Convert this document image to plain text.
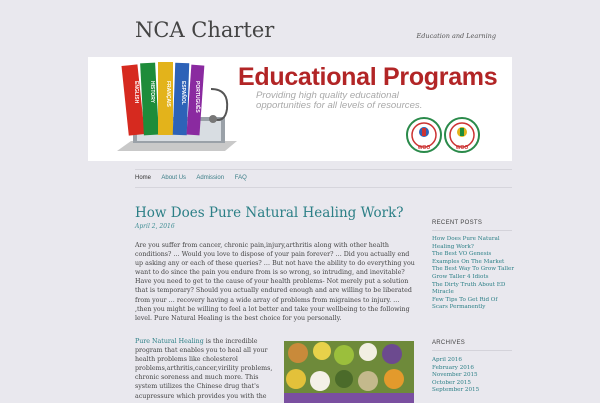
NCA Charter	Education and Learning
ENGLISH HISTORY FRANÇAIS ESPAÑOL PORTUGUÊS
Educational Programs
Providing high quality educational
opportunities for all levels of resources.
WOO	WOO
Home About Us Admission FAQ
How Does Pure Natural Healing Work?
April 2, 2016
Are you suffer from cancer, chronic pain,injury,arthritis along with other health conditions? … Would you love to dispose of your pain forever? … Did you actually end up asking any or each of these queries? … But not have the ability to do everything you want to do since the pain you endure from is so wrong, so intruding, and inevitable? Have you need to get to the cause of your health problems- Not merely put a solution that is temporary? Should you actually endured enough and are willing to be liberated from your … recovery having a wide array of problems from migraines to injury. … ,then you might be willing to feel a lot better and take your wellbeing to the following level. Pure Natural Healing is the best choice for you personally.
Pure Natural Healing is the incredible program that enables you to heal all your health problems like cholesterol problems,arthritis,cancer,virility problems, chronic soreness and much more. This system utilizes the Chinese drug that's acupressure which provides you with the
RECENT POSTS
How Does Pure Natural Healing Work?
The Best VO Genesis Examples On The Market
The Best Way To Grow Taller
Grow Taller 4 Idiots
The Dirty Truth About ED Miracle
Few Tips To Get Rid Of Scars Permanently
ARCHIVES
April 2016
February 2016
November 2015
October 2015
September 2015
